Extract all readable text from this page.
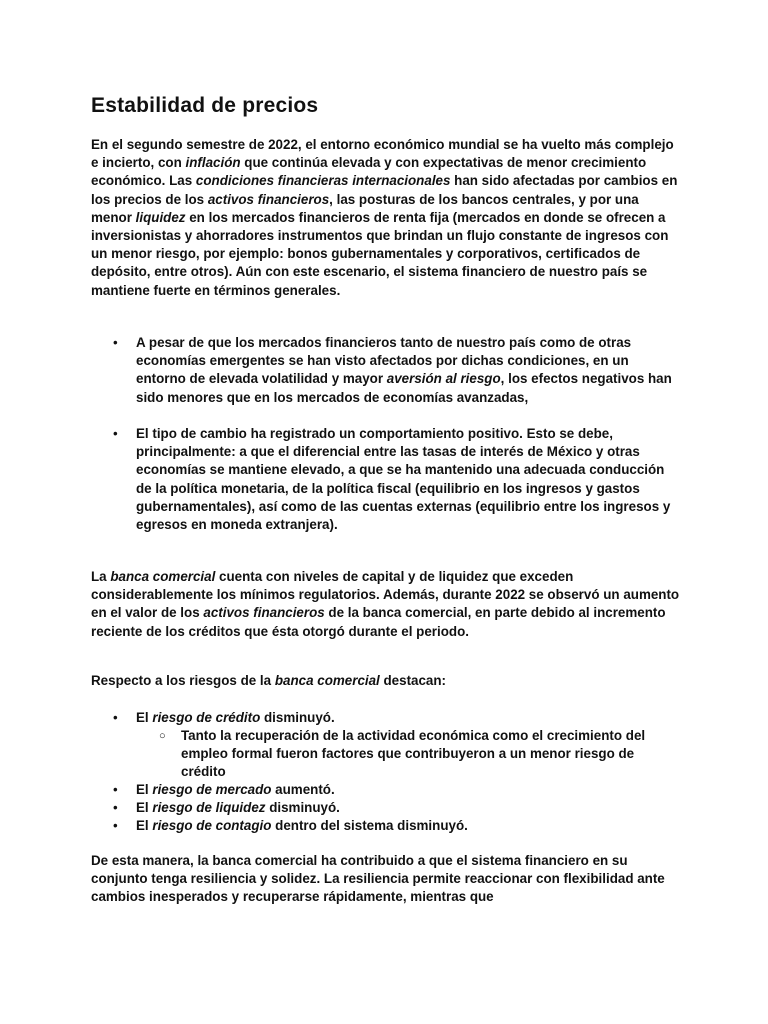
Estabilidad de precios

En el segundo semestre de 2022, el entorno económico mundial se ha vuelto más complejo e incierto, con inflación que continúa elevada y con expectativas de menor crecimiento económico. Las condiciones financieras internacionales han sido afectadas por cambios en los precios de los activos financieros, las posturas de los bancos centrales, y por una menor liquidez en los mercados financieros de renta fija (mercados en donde se ofrecen a inversionistas y ahorradores instrumentos que brindan un flujo constante de ingresos con un menor riesgo, por ejemplo: bonos gubernamentales y corporativos, certificados de depósito, entre otros). Aún con este escenario, el sistema financiero de nuestro país se mantiene fuerte en términos generales.

• A pesar de que los mercados financieros tanto de nuestro país como de otras economías emergentes se han visto afectados por dichas condiciones, en un entorno de elevada volatilidad y mayor aversión al riesgo, los efectos negativos han sido menores que en los mercados de economías avanzadas,

• El tipo de cambio ha registrado un comportamiento positivo. Esto se debe, principalmente: a que el diferencial entre las tasas de interés de México y otras economías se mantiene elevado, a que se ha mantenido una adecuada conducción de la política monetaria, de la política fiscal (equilibrio en los ingresos y gastos gubernamentales), así como de las cuentas externas (equilibrio entre los ingresos y egresos en moneda extranjera).

La banca comercial cuenta con niveles de capital y de liquidez que exceden considerablemente los mínimos regulatorios. Además, durante 2022 se observó un aumento en el valor de los activos financieros de la banca comercial, en parte debido al incremento reciente de los créditos que ésta otorgó durante el periodo.

Respecto a los riesgos de la banca comercial destacan:

• El riesgo de crédito disminuyó.

○ Tanto la recuperación de la actividad económica como el crecimiento del empleo formal fueron factores que contribuyeron a un menor riesgo de crédito

• El riesgo de mercado aumentó.

• El riesgo de liquidez disminuyó.

• El riesgo de contagio dentro del sistema disminuyó.

De esta manera, la banca comercial ha contribuido a que el sistema financiero en su conjunto tenga resiliencia y solidez. La resiliencia permite reaccionar con flexibilidad ante cambios inesperados y recuperarse rápidamente, mientras que
